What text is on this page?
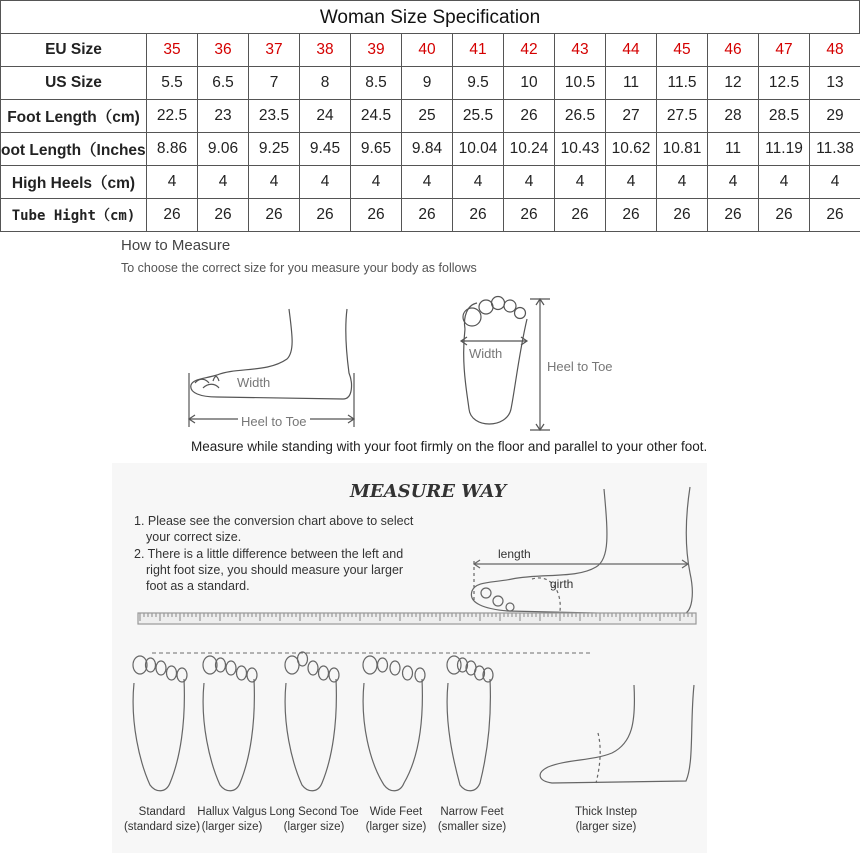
Woman Size Specification
EU Size	35	36	37	38	39	40	41	42	43	44	45	46	47	48
US Size	5.5	6.5	7	8	8.5	9	9.5	10	10.5	11	11.5	12	12.5	13
Foot Length（cm)	22.5	23	23.5	24	24.5	25	25.5	26	26.5	27	27.5	28	28.5	29
oot Length（Inches	8.86	9.06	9.25	9.45	9.65	9.84	10.04	10.24	10.43	10.62	10.81	11	11.19	11.38
High Heels（cm)	4	4	4	4	4	4	4	4	4	4	4	4	4	4
Tube Hight（cm)	26	26	26	26	26	26	26	26	26	26	26	26	26	26
How to Measure
To choose the correct size for you measure your body as follows
Width
Heel to Toe
Width
Heel to Toe
Measure while standing with your foot firmly on the floor and parallel to your other foot.
MEASURE WAY

1. Please see the conversion chart above to select your correct size.

2. There is a little difference between the left and right foot size, you should measure your larger foot as a standard.

length
girth
Standard
(standard size)
Hallux Valgus
(larger size)
Long Second Toe
(larger size)
Wide Feet
(larger size)
Narrow Feet
(smaller size)
Thick Instep
(larger size)
